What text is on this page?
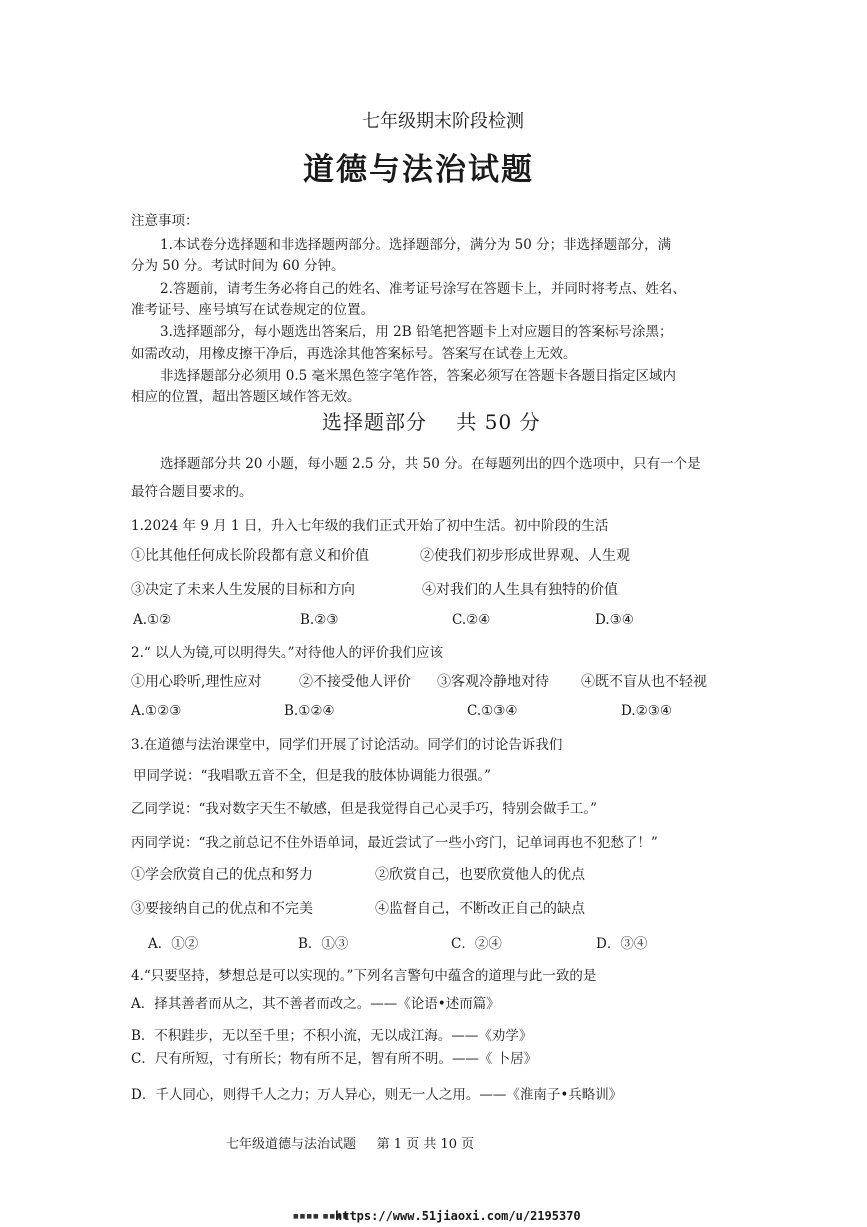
七年级期末阶段检测
道德与法治试题
注意事项：
1.本试卷分选择题和非选择题两部分。选择题部分，满分为 50 分；非选择题部分，满
分为 50 分。考试时间为 60 分钟。
2.答题前，请考生务必将自己的姓名、准考证号涂写在答题卡上，并同时将考点、姓名、
准考证号、座号填写在试卷规定的位置。
3.选择题部分，每小题选出答案后，用 2B 铅笔把答题卡上对应题目的答案标号涂黑；
如需改动，用橡皮擦干净后，再选涂其他答案标号。答案写在试卷上无效。
非选择题部分必须用 0.5 毫米黑色签字笔作答，答案必须写在答题卡各题目指定区域内
相应的位置，超出答题区域作答无效。
选择题部分    共 50 分
选择题部分共 20 小题，每小题 2.5 分，共 50 分。在每题列出的四个选项中，只有一个是
最符合题目要求的。
1.2024 年 9 月 1 日，升入七年级的我们正式开始了初中生活。初中阶段的生活
①比其他任何成长阶段都有意义和价值	②使我们初步形成世界观、人生观
③决定了未来人生发展的目标和方向	④对我们的人生具有独特的价值
A.①②	B.②③	C.②④	D.③④
2.“ 以人为镜,可以明得失。”对待他人的评价我们应该
①用心聆听,理性应对	②不接受他人评价 ③客观冷静地对待 ④既不盲从也不轻视
A.①②③	B.①②④	C.①③④	D.②③④
3.在道德与法治课堂中，同学们开展了讨论活动。同学们的讨论告诉我们
甲同学说：“我唱歌五音不全，但是我的肢体协调能力很强。”
乙同学说：“我对数字天生不敏感，但是我觉得自己心灵手巧，特别会做手工。”
丙同学说：“我之前总记不住外语单词，最近尝试了一些小窍门，记单词再也不犯愁了！”
①学会欣赏自己的优点和努力	②欣赏自己，也要欣赏他人的优点
③要接纳自己的优点和不完美	④监督自己，不断改正自己的缺点
A．①②	B．①③	C．②④	D．③④
4.“只要坚持，梦想总是可以实现的。”下列名言警句中蕴含的道理与此一致的是
A．择其善者而从之，其不善者而改之。——《论语•述而篇》
B．不积跬步，无以至千里；不积小流，无以成江海。——《劝学》
C．尺有所短，寸有所长；物有所不足，智有所不明。——《 卜居》
D．千人同心，则得千人之力；万人异心，则无一人之用。——《淮南子•兵略训》
七年级道德与法治试题     第 1 页 共 10 页
■■■■ ■■■■
https://www.51jiaoxi.com/u/2195370
